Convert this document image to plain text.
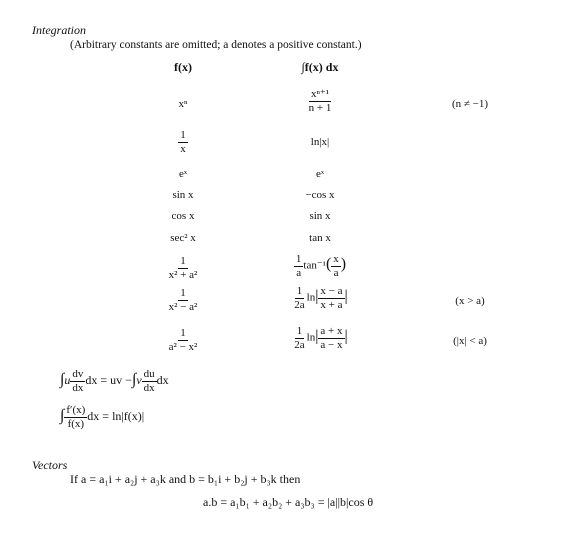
Integration
(Arbitrary constants are omitted; a denotes a positive constant.)
f(x)	∫f(x) dx
xⁿ	$\frac{\text{xⁿ⁺¹}}{n + 1}$	(n ≠ −1)
$\frac{1}{x}$	ln|x|
eˣ	eˣ
sin x	−cos x
cos x	sin x
sec² x	tan x
$\frac{1}{\text{x² + a²}}$	$\frac{1}{a} \tan^{-1}( \frac{x}{a}$ )
$\frac{1}{\text{x² − a²}}$	$\frac{1}{2a} \ln| \frac{x - a}{x + a}$ |	(x > a)
$\frac{1}{\text{a² − x²}}$	$\frac{1}{2a} \ln| \frac{a + x}{a - x}$ |	(|x| < a)
$\int u \frac{dv}{dx}$ dx = uv $-\int v \frac{du}{dx}$ dx
∫ $\frac{f'(x)}{f(x)}$ dx = ln|f(x)|
Vectors
If a = a₁i + a₂j + a₃k and b = b₁i + b₂j + b₃k then
a.b = a₁b₁ + a₂b₂ + a₃b₃ = |a||b|cos θ
